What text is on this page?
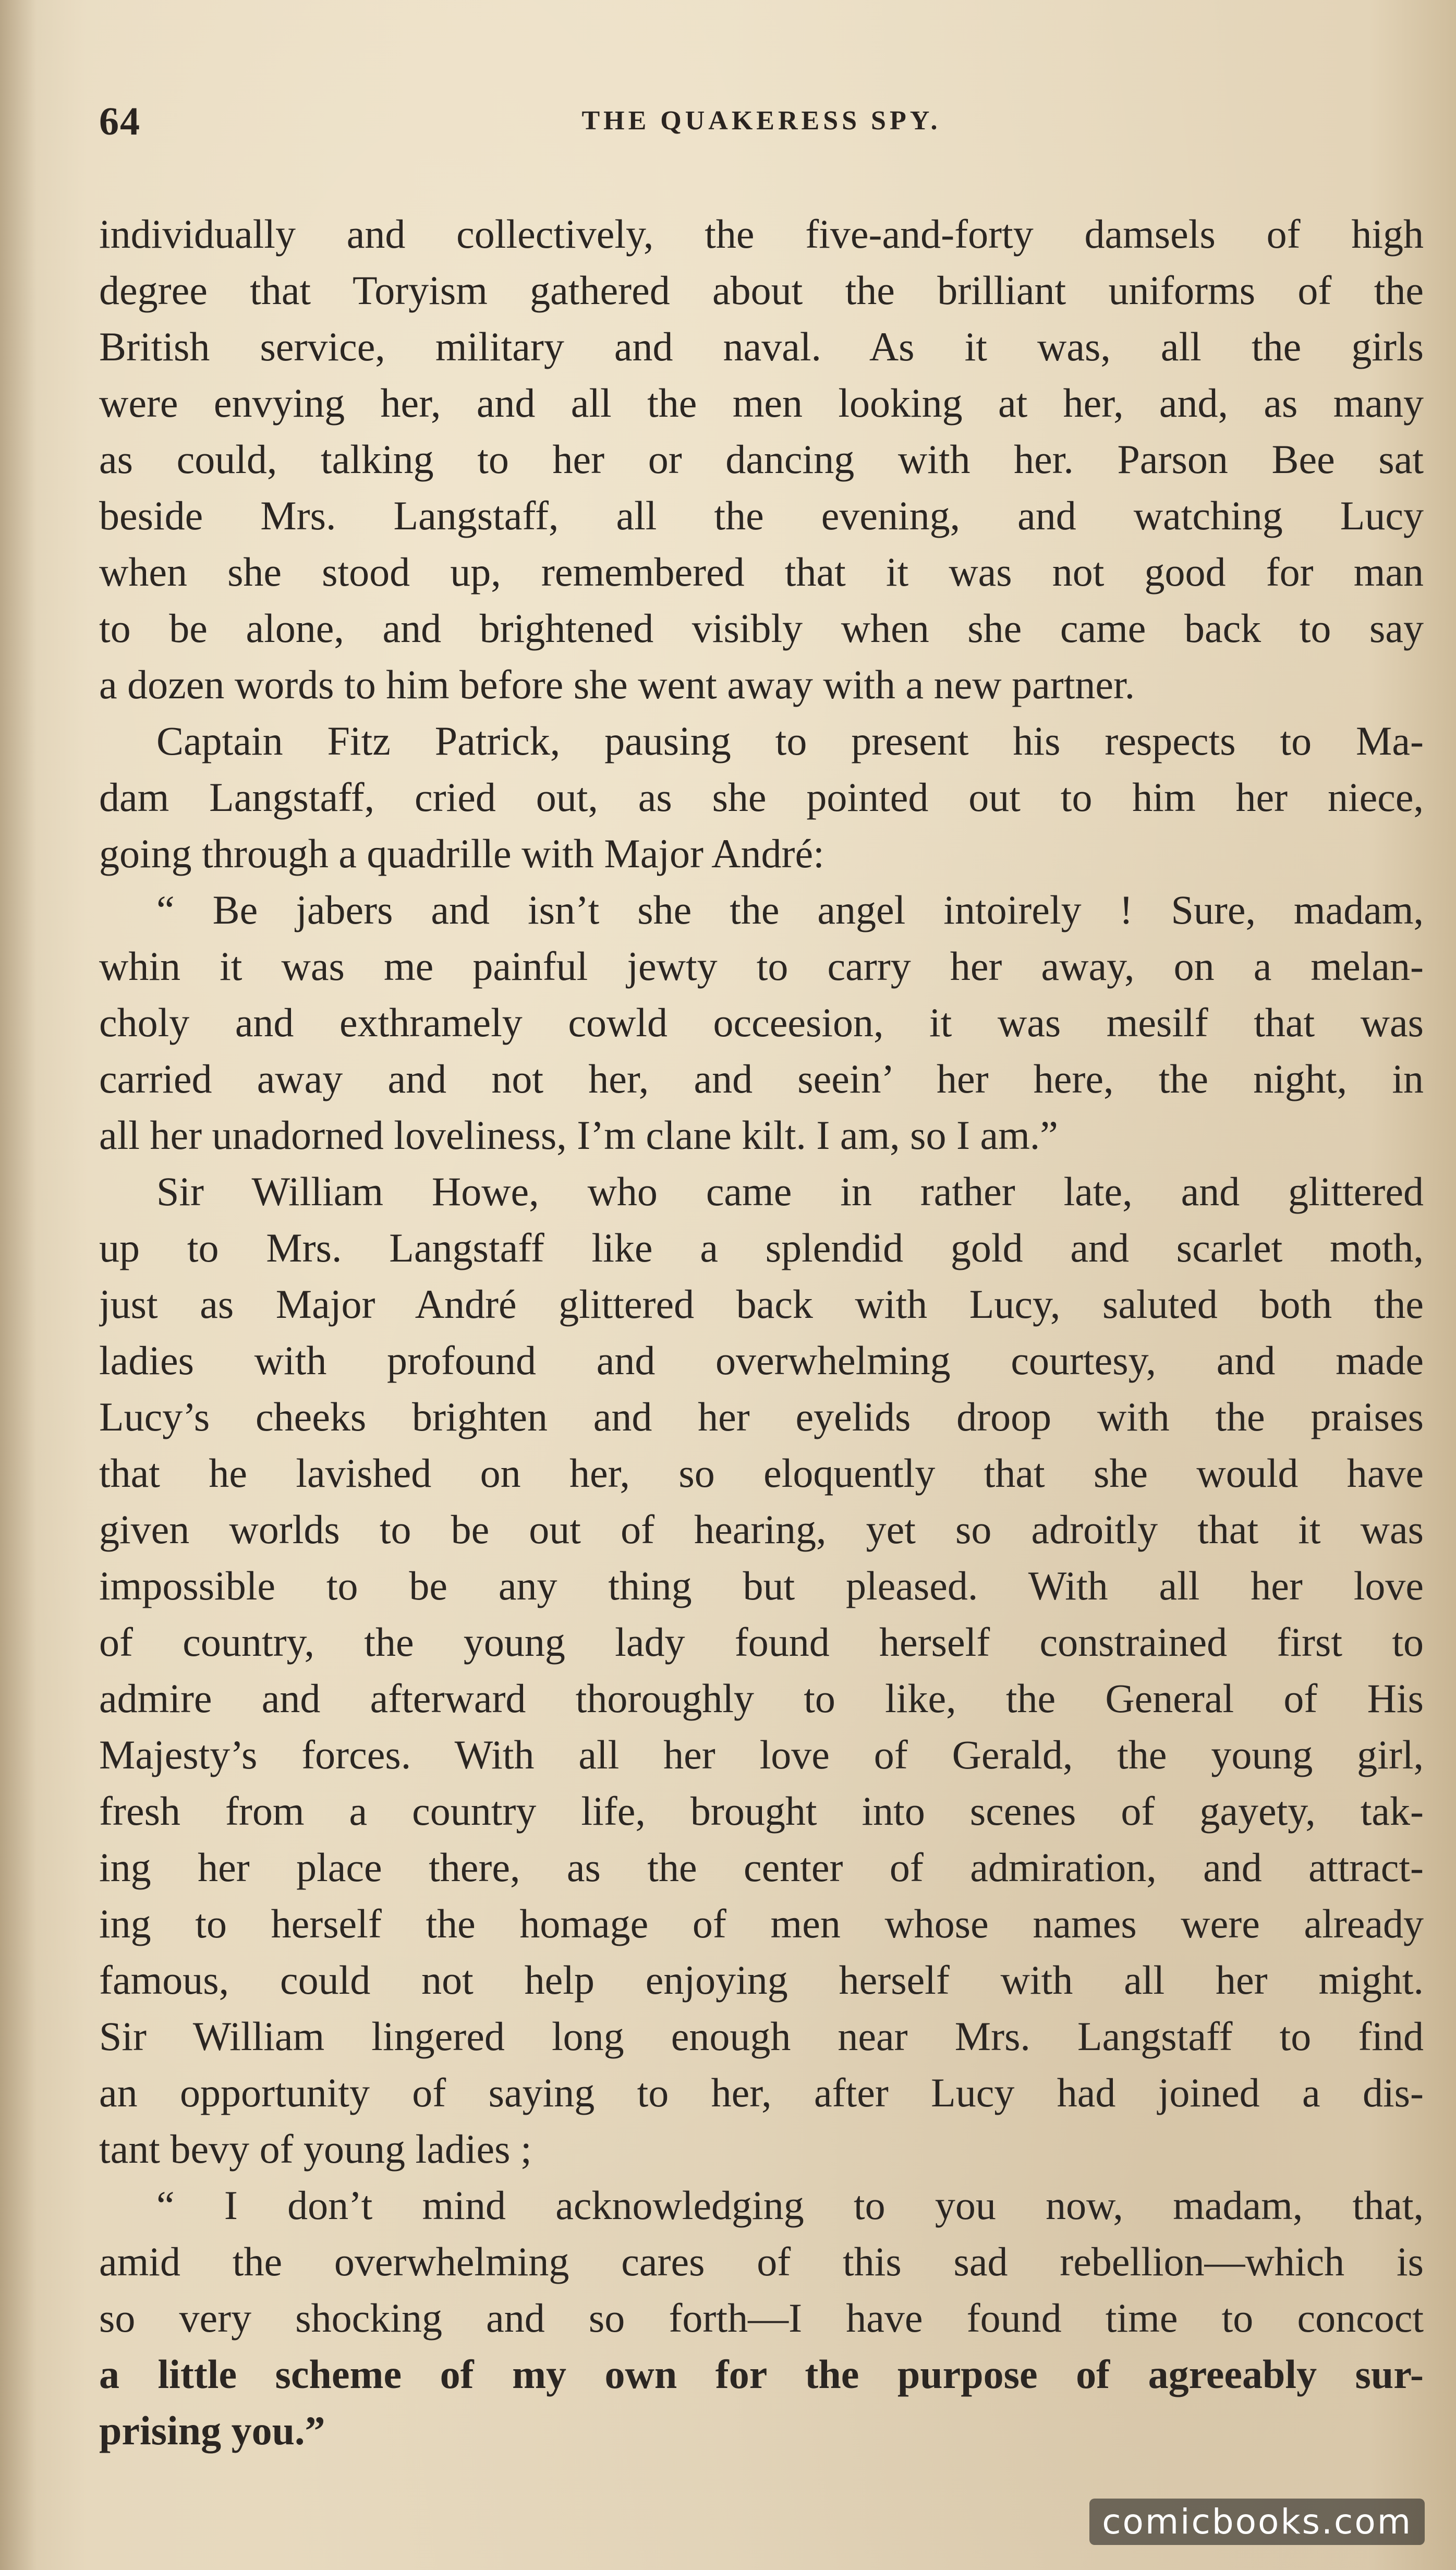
64	THE QUAKERESS SPY.
individually and collectively, the five-and-forty damsels of high
degree that Toryism gathered about the brilliant uniforms of the
British service, military and naval. As it was, all the girls
were envying her, and all the men looking at her, and, as many
as could, talking to her or dancing with her. Parson Bee sat
beside Mrs. Langstaff, all the evening, and watching Lucy
when she stood up, remembered that it was not good for man
to be alone, and brightened visibly when she came back to say
a dozen words to him before she went away with a new partner.
Captain Fitz Patrick, pausing to present his respects to Ma-
dam Langstaff, cried out, as she pointed out to him her niece,
going through a quadrille with Major André:
“ Be jabers and isn’t she the angel intoirely ! Sure, madam,
whin it was me painful jewty to carry her away, on a melan-
choly and exthramely cowld occeesion, it was mesilf that was
carried away and not her, and seein’ her here, the night, in
all her unadorned loveliness, I’m clane kilt. I am, so I am.”
Sir William Howe, who came in rather late, and glittered
up to Mrs. Langstaff like a splendid gold and scarlet moth,
just as Major André glittered back with Lucy, saluted both the
ladies with profound and overwhelming courtesy, and made
Lucy’s cheeks brighten and her eyelids droop with the praises
that he lavished on her, so eloquently that she would have
given worlds to be out of hearing, yet so adroitly that it was
impossible to be any thing but pleased. With all her love
of country, the young lady found herself constrained first to
admire and afterward thoroughly to like, the General of His
Majesty’s forces. With all her love of Gerald, the young girl,
fresh from a country life, brought into scenes of gayety, tak-
ing her place there, as the center of admiration, and attract-
ing to herself the homage of men whose names were already
famous, could not help enjoying herself with all her might.
Sir William lingered long enough near Mrs. Langstaff to find
an opportunity of saying to her, after Lucy had joined a dis-
tant bevy of young ladies ;
“ I don’t mind acknowledging to you now, madam, that,
amid the overwhelming cares of this sad rebellion—which is
so very shocking and so forth—I have found time to concoct
a little scheme of my own for the purpose of agreeably sur-
prising you.”
comicbooks.com
